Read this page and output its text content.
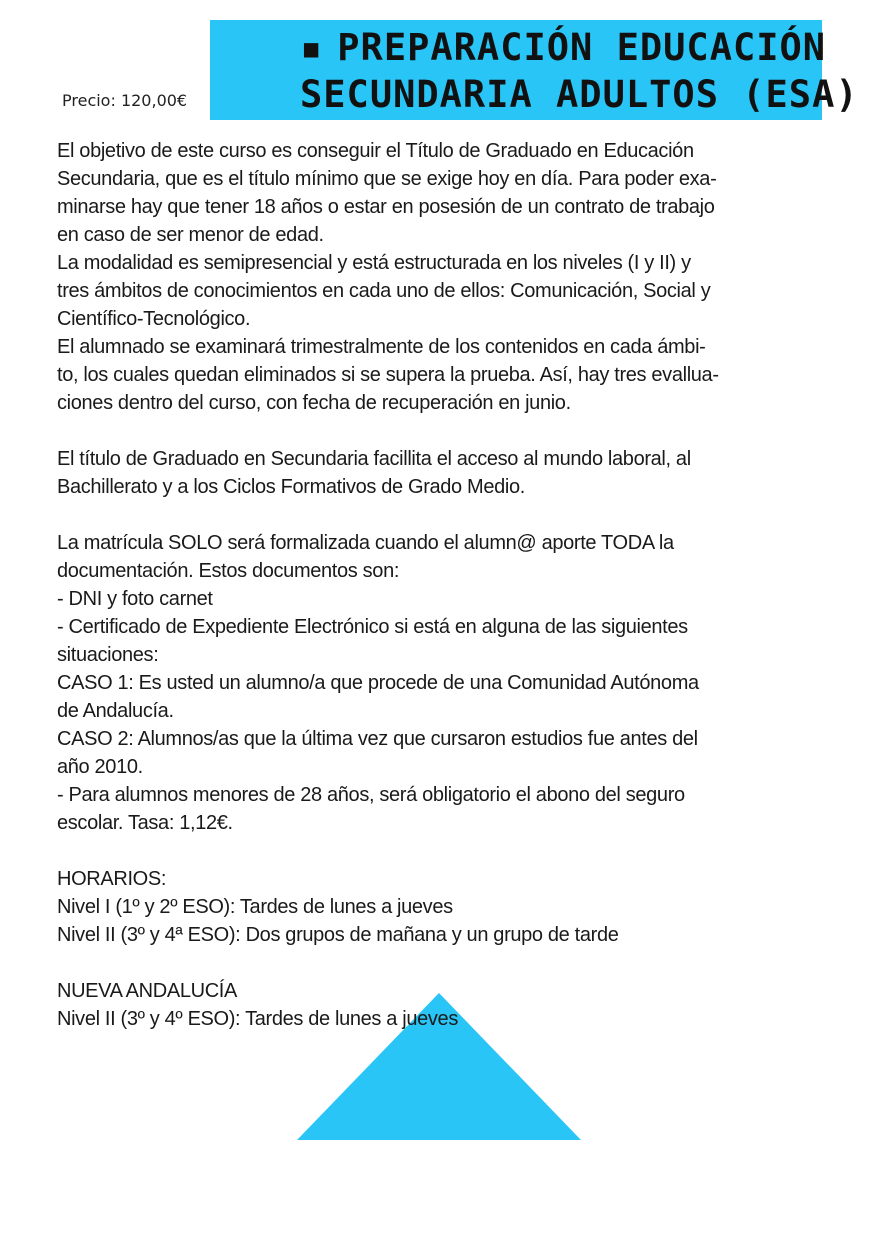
▪ PREPARACIÓN EDUCACIÓN
SECUNDARIA ADULTOS (ESA)
Precio: 120,00€
El objetivo de este curso es conseguir el Título de Graduado en Educación
Secundaria, que es el título mínimo que se exige hoy en día. Para poder exa-
minarse hay que tener 18 años o estar en posesión de un contrato de trabajo
en caso de ser menor de edad.
La modalidad es semipresencial y está estructurada en los niveles (I y II) y
tres ámbitos de conocimientos en cada uno de ellos: Comunicación, Social y
Científico-Tecnológico.
El alumnado se examinará trimestralmente de los contenidos en cada ámbi-
to, los cuales quedan eliminados si se supera la prueba. Así, hay tres evallua-
ciones dentro del curso, con fecha de recuperación en junio.
El título de Graduado en Secundaria facillita el acceso al mundo laboral, al
Bachillerato y a los Ciclos Formativos de Grado Medio.
La matrícula SOLO será formalizada cuando el alumn@ aporte TODA la
documentación. Estos documentos son:
- DNI y foto carnet
- Certificado de Expediente Electrónico si está en alguna de las siguientes
situaciones:
CASO 1: Es usted un alumno/a que procede de una Comunidad Autónoma
de Andalucía.
CASO 2: Alumnos/as que la última vez que cursaron estudios fue antes del
año 2010.
- Para alumnos menores de 28 años, será obligatorio el abono del seguro
escolar. Tasa: 1,12€.
HORARIOS:
Nivel I (1º y 2º ESO): Tardes de lunes a jueves
Nivel II (3º y 4ª ESO): Dos grupos de mañana y un grupo de tarde
NUEVA ANDALUCÍA
Nivel II (3º y 4º ESO): Tardes de lunes a jueves
